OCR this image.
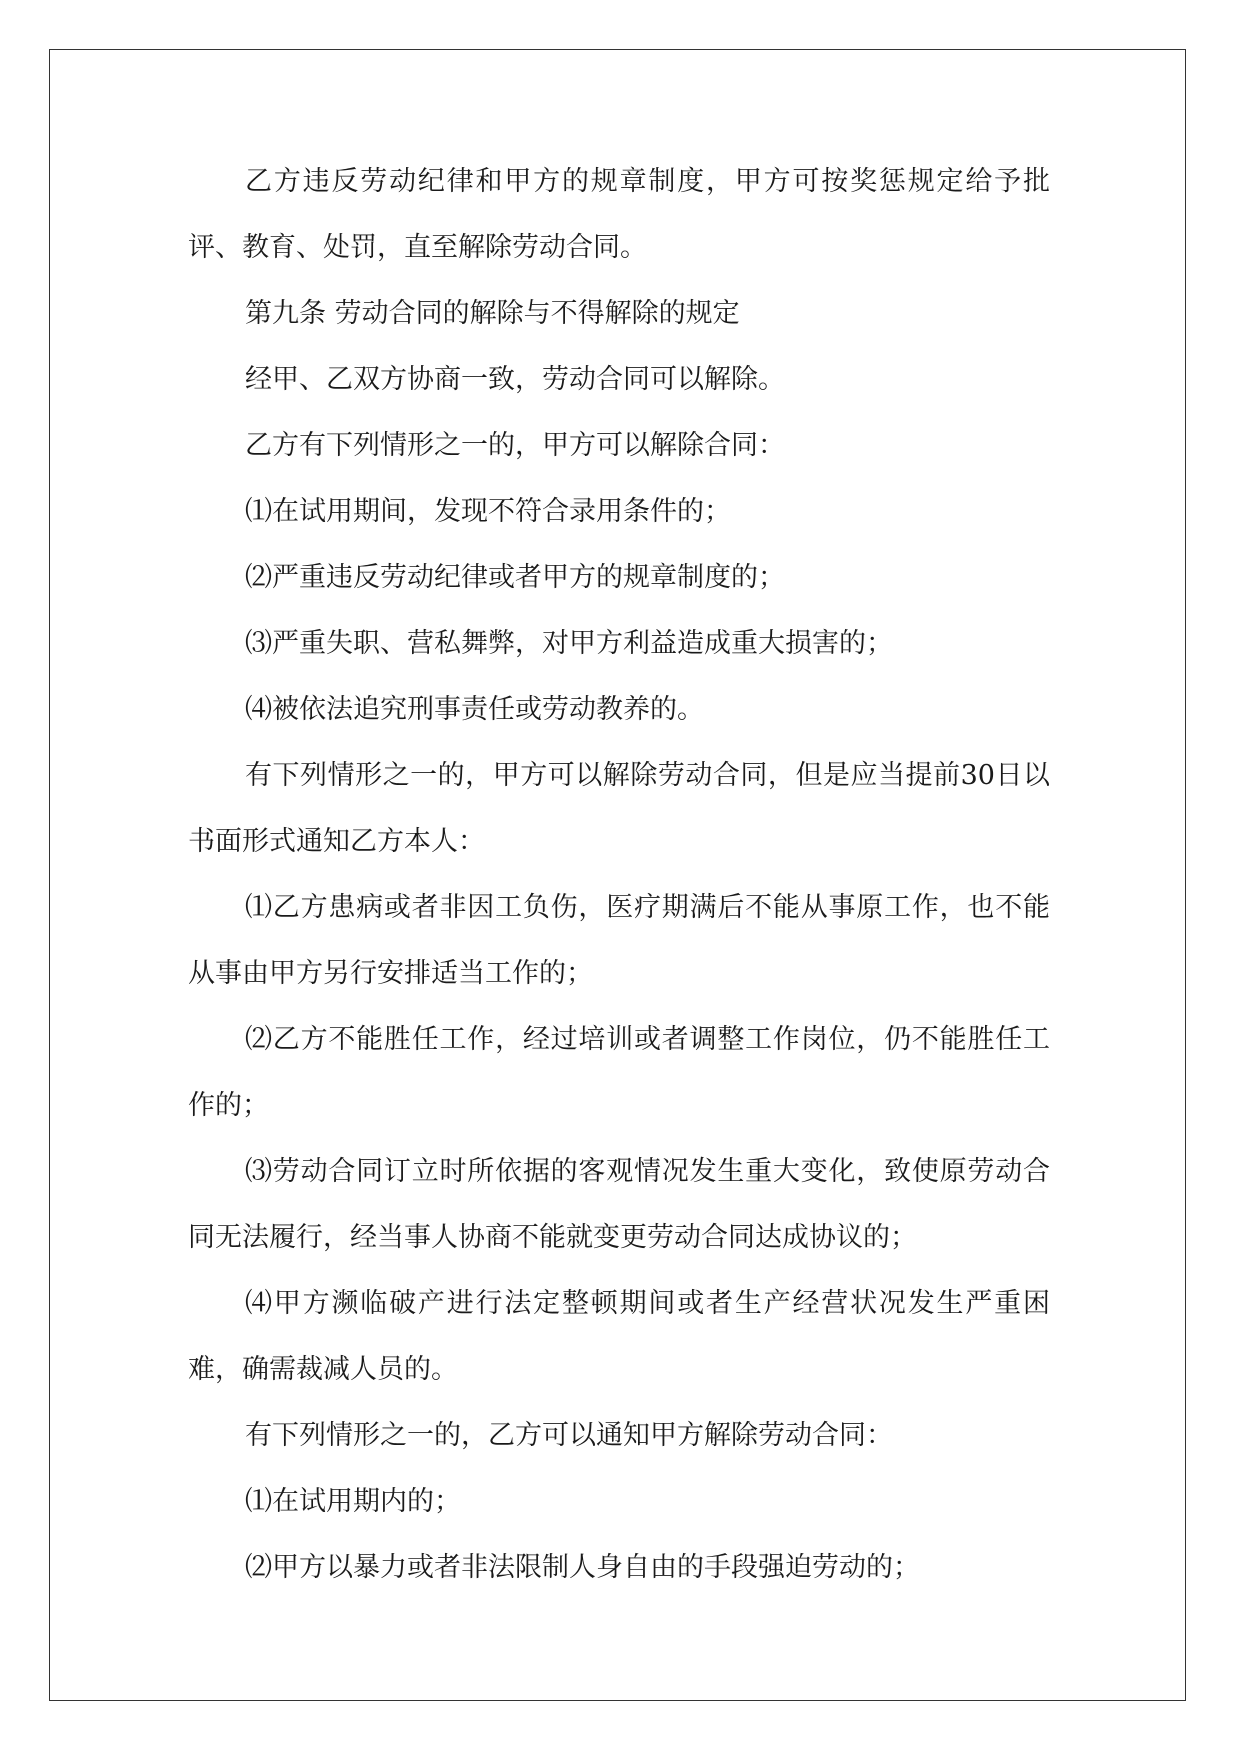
乙方违反劳动纪律和甲方的规章制度，甲方可按奖惩规定给予批评、教育、处罚，直至解除劳动合同。

第九条 劳动合同的解除与不得解除的规定

经甲、乙双方协商一致，劳动合同可以解除。

乙方有下列情形之一的，甲方可以解除合同：

⑴在试用期间，发现不符合录用条件的；

⑵严重违反劳动纪律或者甲方的规章制度的；

⑶严重失职、营私舞弊，对甲方利益造成重大损害的；

⑷被依法追究刑事责任或劳动教养的。

有下列情形之一的，甲方可以解除劳动合同，但是应当提前30日以书面形式通知乙方本人：

⑴乙方患病或者非因工负伤，医疗期满后不能从事原工作，也不能从事由甲方另行安排适当工作的；

⑵乙方不能胜任工作，经过培训或者调整工作岗位，仍不能胜任工作的；

⑶劳动合同订立时所依据的客观情况发生重大变化，致使原劳动合同无法履行，经当事人协商不能就变更劳动合同达成协议的；

⑷甲方濒临破产进行法定整顿期间或者生产经营状况发生严重困难，确需裁减人员的。

有下列情形之一的，乙方可以通知甲方解除劳动合同：

⑴在试用期内的；

⑵甲方以暴力或者非法限制人身自由的手段强迫劳动的；
